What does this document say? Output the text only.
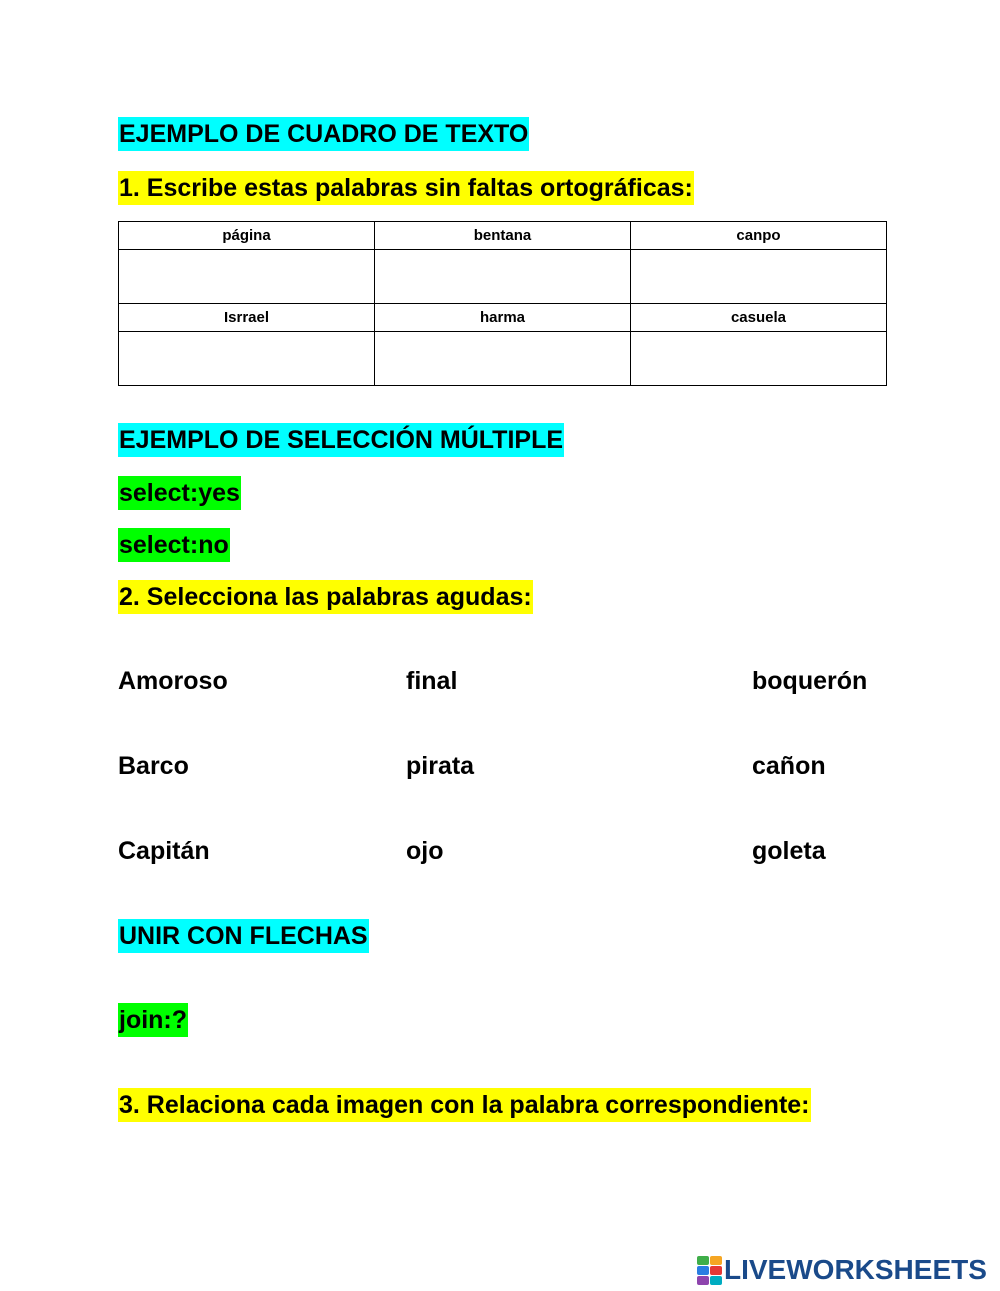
EJEMPLO DE CUADRO DE TEXTO
1. Escribe estas palabras sin faltas ortográficas:
página	bentana	canpo

Isrrael	harma	casuela

EJEMPLO DE SELECCIÓN MÚLTIPLE
select:yes
select:no
2. Selecciona las palabras agudas:
Amoroso	final	boquerón
Barco	pirata	cañon
Capitán	ojo	goleta
UNIR CON FLECHAS
join:?
3. Relaciona cada imagen con la palabra correspondiente:
LIVEWORKSHEETS
